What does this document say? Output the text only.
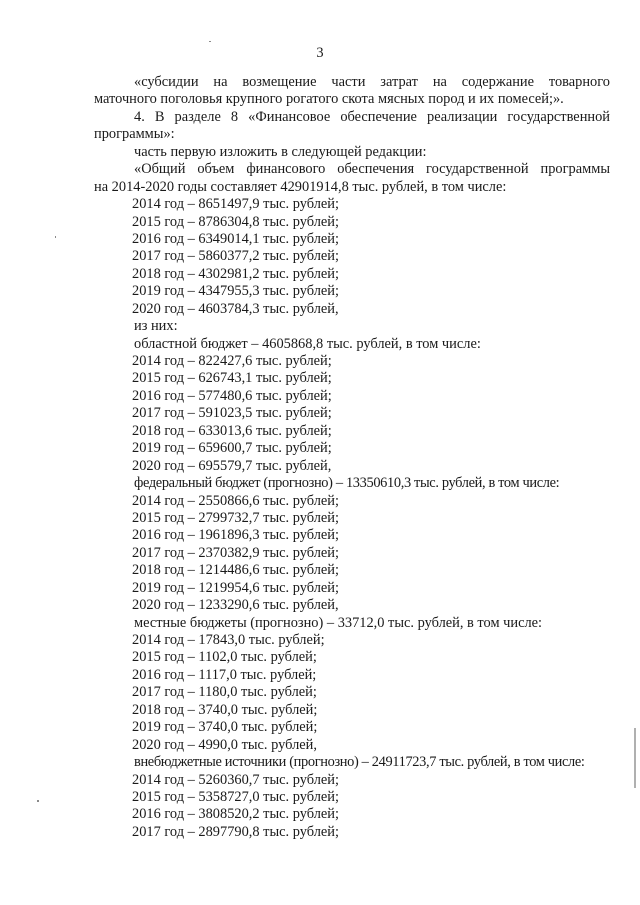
3
«субсидии на возмещение части затрат на содержание товарного
маточного поголовья крупного рогатого скота мясных пород и их помесей;».
4. В разделе 8 «Финансовое обеспечение реализации государственной
программы»:
часть первую изложить в следующей редакции:
«Общий объем финансового обеспечения государственной программы
на 2014-2020 годы составляет 42901914,8 тыс. рублей, в том числе:
2014 год – 8651497,9 тыс. рублей;
2015 год – 8786304,8 тыс. рублей;
2016 год – 6349014,1 тыс. рублей;
2017 год – 5860377,2 тыс. рублей;
2018 год – 4302981,2 тыс. рублей;
2019 год – 4347955,3 тыс. рублей;
2020 год – 4603784,3 тыс. рублей,
из них:
областной бюджет – 4605868,8 тыс. рублей, в том числе:
2014 год – 822427,6 тыс. рублей;
2015 год – 626743,1 тыс. рублей;
2016 год – 577480,6 тыс. рублей;
2017 год – 591023,5 тыс. рублей;
2018 год – 633013,6 тыс. рублей;
2019 год – 659600,7 тыс. рублей;
2020 год – 695579,7 тыс. рублей,
федеральный бюджет (прогнозно) – 13350610,3 тыс. рублей, в том числе:
2014 год – 2550866,6 тыс. рублей;
2015 год – 2799732,7 тыс. рублей;
2016 год – 1961896,3 тыс. рублей;
2017 год – 2370382,9 тыс. рублей;
2018 год – 1214486,6 тыс. рублей;
2019 год – 1219954,6 тыс. рублей;
2020 год – 1233290,6 тыс. рублей,
местные бюджеты (прогнозно) – 33712,0 тыс. рублей, в том числе:
2014 год – 17843,0 тыс. рублей;
2015 год – 1102,0 тыс. рублей;
2016 год – 1117,0 тыс. рублей;
2017 год – 1180,0 тыс. рублей;
2018 год – 3740,0 тыс. рублей;
2019 год – 3740,0 тыс. рублей;
2020 год – 4990,0 тыс. рублей,
внебюджетные источники (прогнозно) – 24911723,7 тыс. рублей, в том числе:
2014 год – 5260360,7 тыс. рублей;
2015 год – 5358727,0 тыс. рублей;
2016 год – 3808520,2 тыс. рублей;
2017 год – 2897790,8 тыс. рублей;
